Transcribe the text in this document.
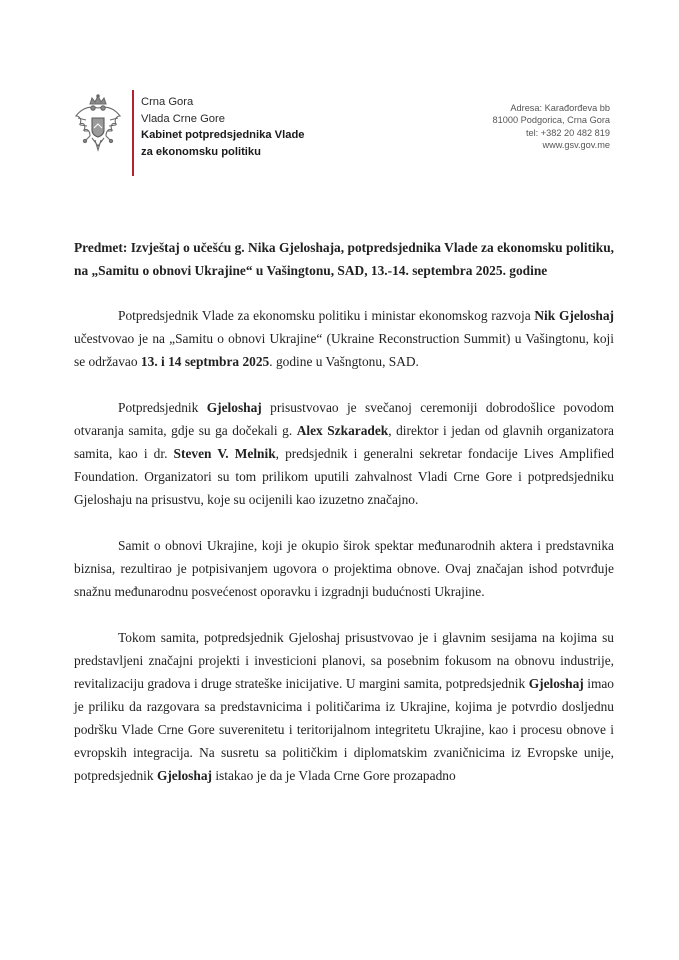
Crna Gora
Vlada Crne Gore
Kabinet potpredsjednika Vlade
za ekonomsku politiku
Adresa: Karađorđeva bb
81000 Podgorica, Crna Gora
tel: +382 20 482 819
www.gsv.gov.me

Predmet: Izvještaj o učešću g. Nika Gjeloshaja, potpredsjednika Vlade za ekonomsku politiku, na „Samitu o obnovi Ukrajine“ u Vašingtonu, SAD, 13.-14. septembra 2025. godine

Potpredsjednik Vlade za ekonomsku politiku i ministar ekonomskog razvoja Nik Gjeloshaj učestvovao je na „Samitu o obnovi Ukrajine“ (Ukraine Reconstruction Summit) u Vašingtonu, koji se održavao 13. i 14 septmbra 2025. godine u Vašngtonu, SAD.

Potpredsjednik Gjeloshaj prisustvovao je svečanoj ceremoniji dobrodošlice povodom otvaranja samita, gdje su ga dočekali g. Alex Szkaradek, direktor i jedan od glavnih organizatora samita, kao i dr. Steven V. Melnik, predsjednik i generalni sekretar fondacije Lives Amplified Foundation. Organizatori su tom prilikom uputili zahvalnost Vladi Crne Gore i potpredsjedniku Gjeloshaju na prisustvu, koje su ocijenili kao izuzetno značajno.

Samit o obnovi Ukrajine, koji je okupio širok spektar međunarodnih aktera i predstavnika biznisa, rezultirao je potpisivanjem ugovora o projektima obnove. Ovaj značajan ishod potvrđuje snažnu međunarodnu posvećenost oporavku i izgradnji budućnosti Ukrajine.

Tokom samita, potpredsjednik Gjeloshaj prisustvovao je i glavnim sesijama na kojima su predstavljeni značajni projekti i investicioni planovi, sa posebnim fokusom na obnovu industrije, revitalizaciju gradova i druge strateške inicijative. U margini samita, potpredsjednik Gjeloshaj imao je priliku da razgovara sa predstavnicima i političarima iz Ukrajine, kojima je potvrdio dosljednu podršku Vlade Crne Gore suverenitetu i teritorijalnom integritetu Ukrajine, kao i procesu obnove i evropskih integracija. Na susretu sa političkim i diplomatskim zvaničnicima iz Evropske unije, potpredsjednik Gjeloshaj istakao je da je Vlada Crne Gore prozapadno
